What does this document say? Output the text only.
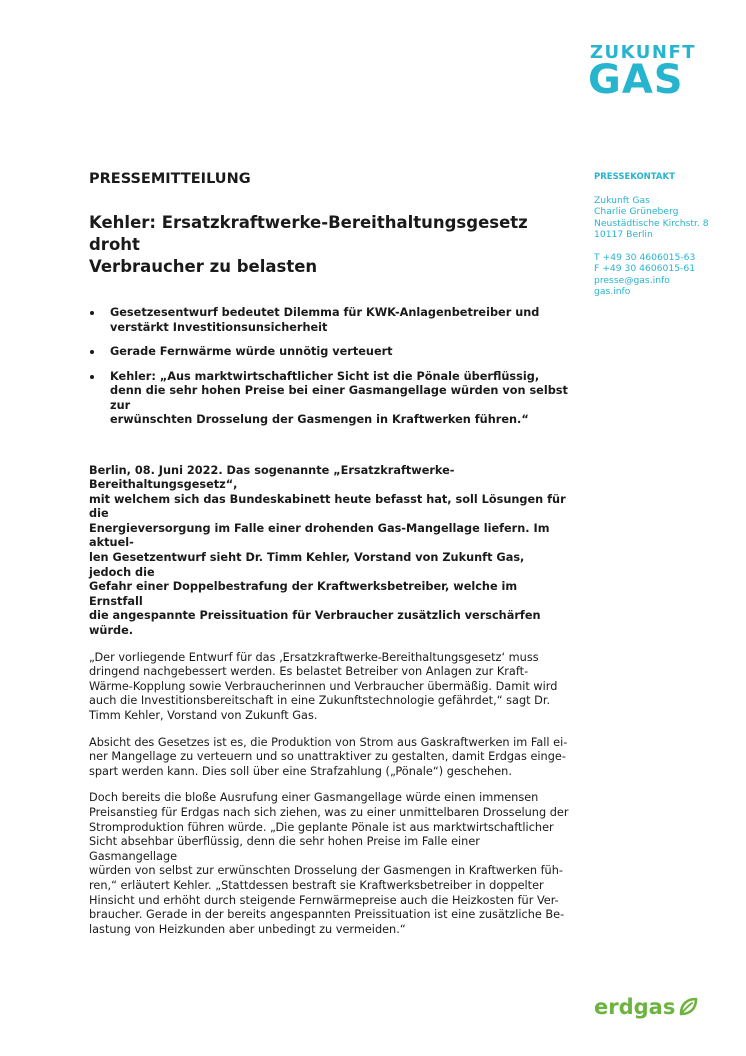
ZUKUNFT
GAS
PRESSEKONTAKT
Zukunft Gas
Charlie Grüneberg
Neustädtische Kirchstr. 8
10117 Berlin
T +49 30 4606015-63
F +49 30 4606015-61
presse@gas.info
gas.info

PRESSEMITTEILUNG

Kehler: Ersatzkraftwerke-Bereithaltungsgesetz droht
Verbraucher zu belasten
Gesetzesentwurf bedeutet Dilemma für KWK-Anlagenbetreiber und
verstärkt Investitionsunsicherheit
Gerade Fernwärme würde unnötig verteuert
Kehler: „Aus marktwirtschaftlicher Sicht ist die Pönale überflüssig,
denn die sehr hohen Preise bei einer Gasmangellage würden von selbst zur
erwünschten Drosselung der Gasmengen in Kraftwerken führen.“

Berlin, 08. Juni 2022. Das sogenannte „Ersatzkraftwerke-Bereithaltungsgesetz“,
mit welchem sich das Bundeskabinett heute befasst hat, soll Lösungen für die
Energieversorgung im Falle einer drohenden Gas-Mangellage liefern. Im aktuel-
len Gesetzentwurf sieht Dr. Timm Kehler, Vorstand von Zukunft Gas, jedoch die
Gefahr einer Doppelbestrafung der Kraftwerksbetreiber, welche im Ernstfall
die angespannte Preissituation für Verbraucher zusätzlich verschärfen würde.

„Der vorliegende Entwurf für das ‚Ersatzkraftwerke-Bereithaltungsgesetz‘ muss
dringend nachgebessert werden. Es belastet Betreiber von Anlagen zur Kraft-
Wärme-Kopplung sowie Verbraucherinnen und Verbraucher übermäßig. Damit wird
auch die Investitionsbereitschaft in eine Zukunftstechnologie gefährdet,“ sagt Dr.
Timm Kehler, Vorstand von Zukunft Gas.

Absicht des Gesetzes ist es, die Produktion von Strom aus Gaskraftwerken im Fall ei-
ner Mangellage zu verteuern und so unattraktiver zu gestalten, damit Erdgas einge-
spart werden kann. Dies soll über eine Strafzahlung („Pönale“) geschehen.

Doch bereits die bloße Ausrufung einer Gasmangellage würde einen immensen
Preisanstieg für Erdgas nach sich ziehen, was zu einer unmittelbaren Drosselung der
Stromproduktion führen würde. „Die geplante Pönale ist aus marktwirtschaftlicher
Sicht absehbar überflüssig, denn die sehr hohen Preise im Falle einer Gasmangellage
würden von selbst zur erwünschten Drosselung der Gasmengen in Kraftwerken füh-
ren,“ erläutert Kehler. „Stattdessen bestraft sie Kraftwerksbetreiber in doppelter
Hinsicht und erhöht durch steigende Fernwärmepreise auch die Heizkosten für Ver-
braucher. Gerade in der bereits angespannten Preissituation ist eine zusätzliche Be-
lastung von Heizkunden aber unbedingt zu vermeiden.“

erdgas
